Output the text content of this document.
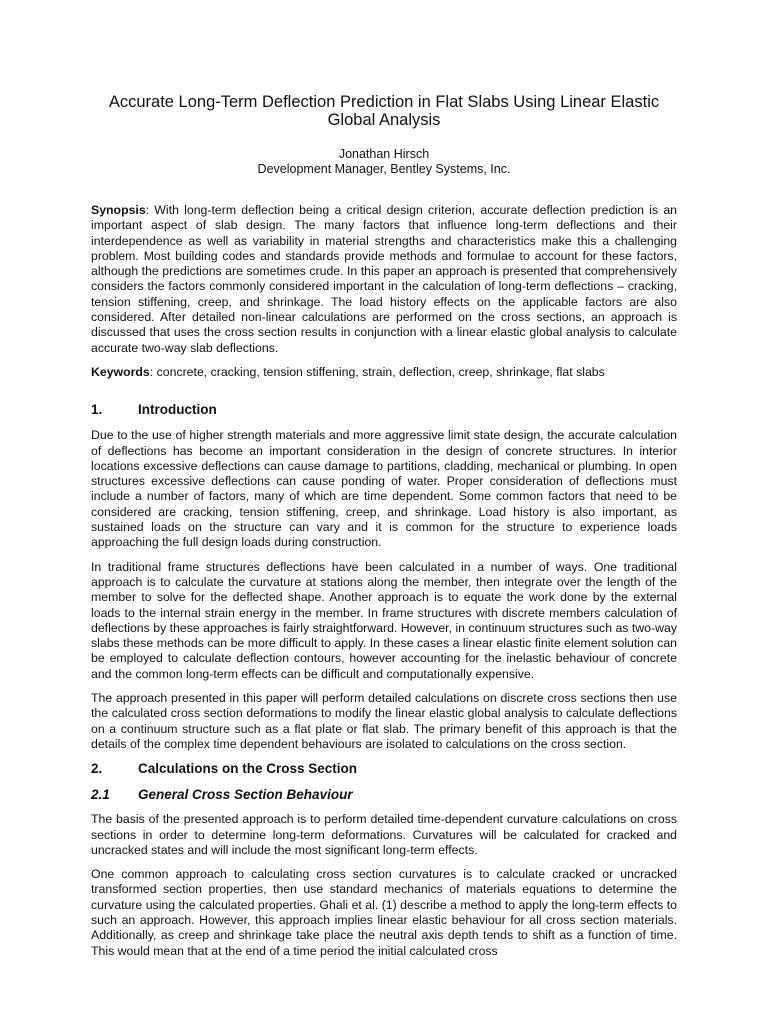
Accurate Long-Term Deflection Prediction in Flat Slabs Using Linear Elastic Global Analysis

Jonathan Hirsch

Development Manager, Bentley Systems, Inc.

Synopsis: With long-term deflection being a critical design criterion, accurate deflection prediction is an important aspect of slab design. The many factors that influence long-term deflections and their interdependence as well as variability in material strengths and characteristics make this a challenging problem. Most building codes and standards provide methods and formulae to account for these factors, although the predictions are sometimes crude. In this paper an approach is presented that comprehensively considers the factors commonly considered important in the calculation of long-term deflections – cracking, tension stiffening, creep, and shrinkage. The load history effects on the applicable factors are also considered. After detailed non-linear calculations are performed on the cross sections, an approach is discussed that uses the cross section results in conjunction with a linear elastic global analysis to calculate accurate two-way slab deflections.

Keywords: concrete, cracking, tension stiffening, strain, deflection, creep, shrinkage, flat slabs

1.	Introduction

Due to the use of higher strength materials and more aggressive limit state design, the accurate calculation of deflections has become an important consideration in the design of concrete structures. In interior locations excessive deflections can cause damage to partitions, cladding, mechanical or plumbing. In open structures excessive deflections can cause ponding of water. Proper consideration of deflections must include a number of factors, many of which are time dependent. Some common factors that need to be considered are cracking, tension stiffening, creep, and shrinkage. Load history is also important, as sustained loads on the structure can vary and it is common for the structure to experience loads approaching the full design loads during construction.

In traditional frame structures deflections have been calculated in a number of ways. One traditional approach is to calculate the curvature at stations along the member, then integrate over the length of the member to solve for the deflected shape. Another approach is to equate the work done by the external loads to the internal strain energy in the member. In frame structures with discrete members calculation of deflections by these approaches is fairly straightforward. However, in continuum structures such as two-way slabs these methods can be more difficult to apply. In these cases a linear elastic finite element solution can be employed to calculate deflection contours, however accounting for the inelastic behaviour of concrete and the common long-term effects can be difficult and computationally expensive.

The approach presented in this paper will perform detailed calculations on discrete cross sections then use the calculated cross section deformations to modify the linear elastic global analysis to calculate deflections on a continuum structure such as a flat plate or flat slab. The primary benefit of this approach is that the details of the complex time dependent behaviours are isolated to calculations on the cross section.

2.	Calculations on the Cross Section
2.1	General Cross Section Behaviour

The basis of the presented approach is to perform detailed time-dependent curvature calculations on cross sections in order to determine long-term deformations. Curvatures will be calculated for cracked and uncracked states and will include the most significant long-term effects.

One common approach to calculating cross section curvatures is to calculate cracked or uncracked transformed section properties, then use standard mechanics of materials equations to determine the curvature using the calculated properties. Ghali et al. (1) describe a method to apply the long-term effects to such an approach. However, this approach implies linear elastic behaviour for all cross section materials. Additionally, as creep and shrinkage take place the neutral axis depth tends to shift as a function of time. This would mean that at the end of a time period the initial calculated cross
